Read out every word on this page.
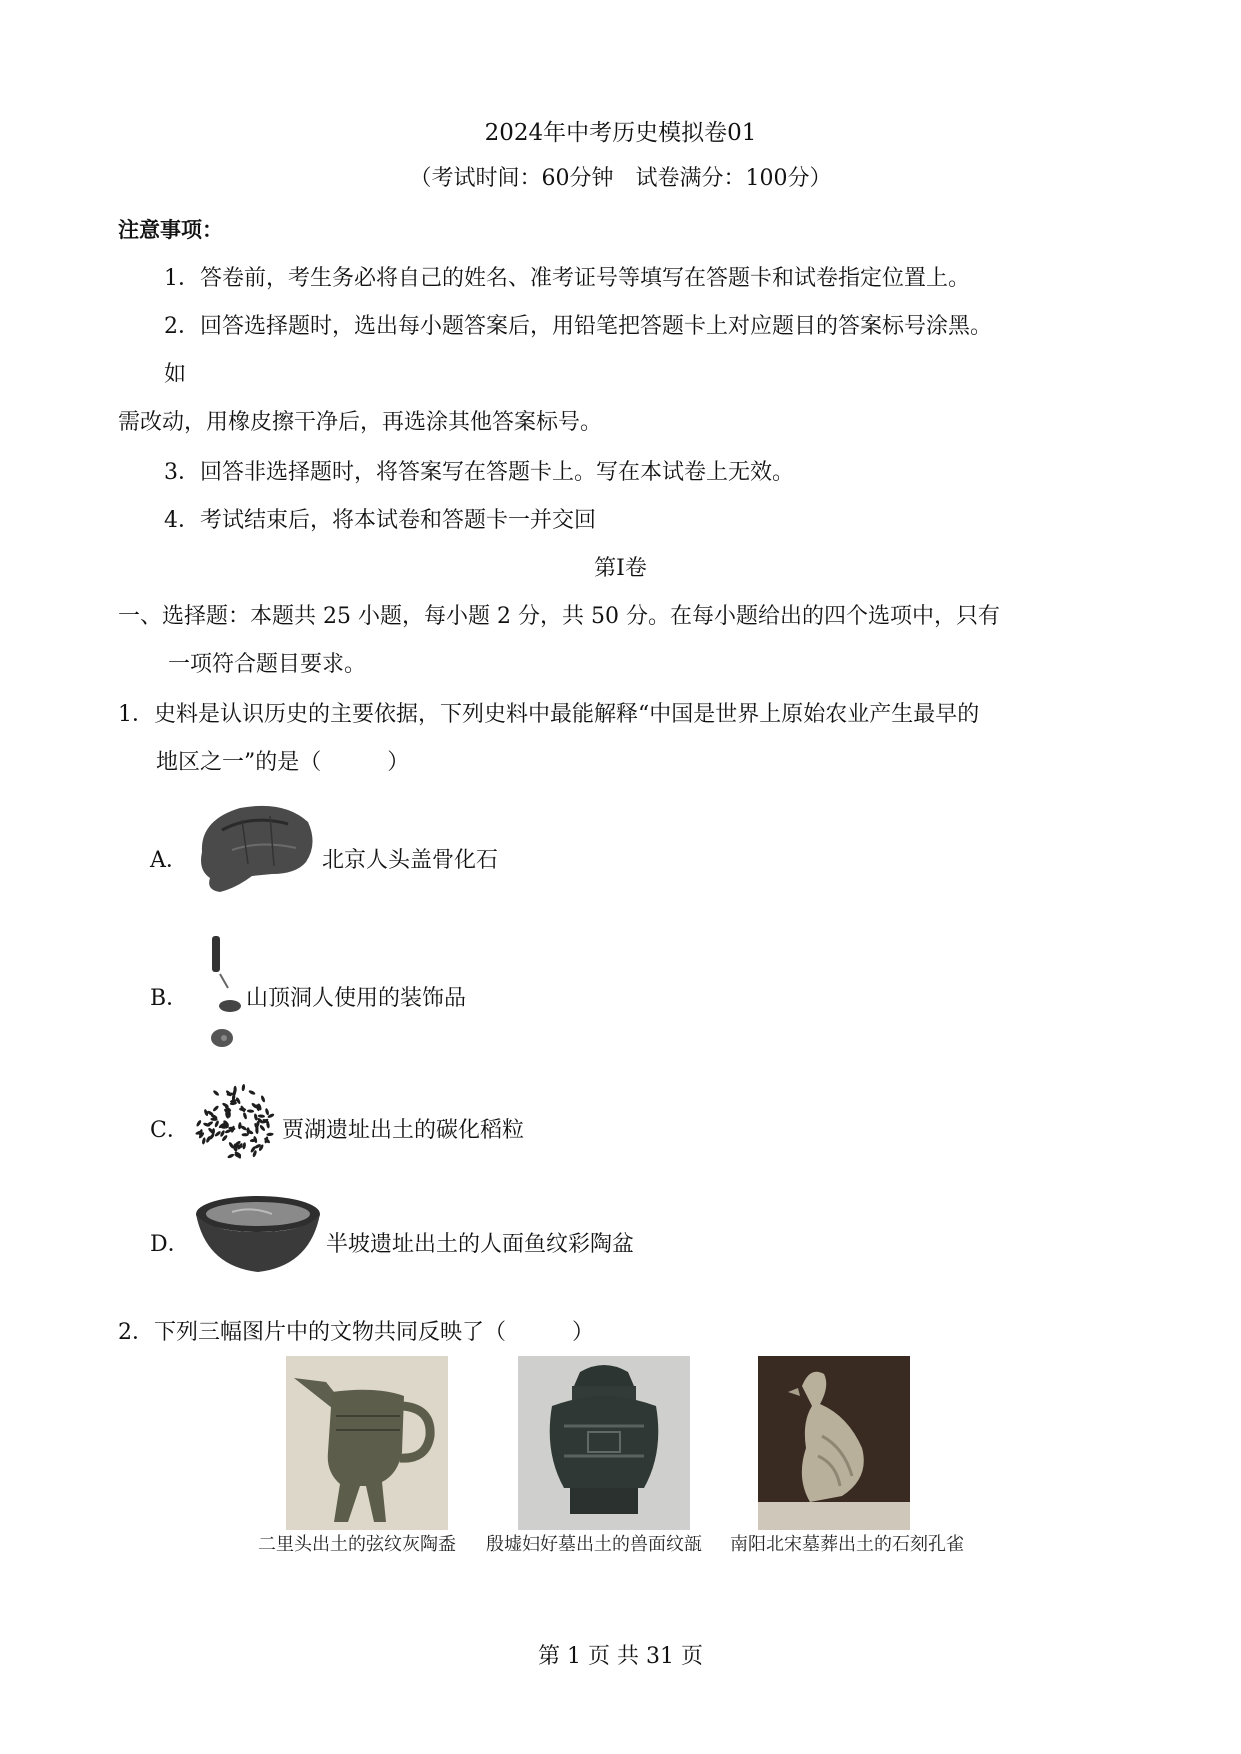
2024年中考历史模拟卷01
（考试时间：60分钟　试卷满分：100分）
注意事项：
1．答卷前，考生务必将自己的姓名、准考证号等填写在答题卡和试卷指定位置上。
2．回答选择题时，选出每小题答案后，用铅笔把答题卡上对应题目的答案标号涂黑。
如
需改动，用橡皮擦干净后，再选涂其他答案标号。
3．回答非选择题时，将答案写在答题卡上。写在本试卷上无效。
4．考试结束后，将本试卷和答题卡一并交回
第Ⅰ卷
一、选择题：本题共 25 小题，每小题 2 分，共 50 分。在每小题给出的四个选项中，只有
一项符合题目要求。
1．史料是认识历史的主要依据，下列史料中最能解释“中国是世界上原始农业产生最早的
地区之一”的是（　　　）
A．	北京人头盖骨化石
B．	山顶洞人使用的装饰品
C．	贾湖遗址出土的碳化稻粒
D．	半坡遗址出土的人面鱼纹彩陶盆
2．下列三幅图片中的文物共同反映了（　　　）
二里头出土的弦纹灰陶盉 殷墟妇好墓出土的兽面纹瓿 南阳北宋墓葬出土的石刻孔雀
第 1 页 共 31 页
